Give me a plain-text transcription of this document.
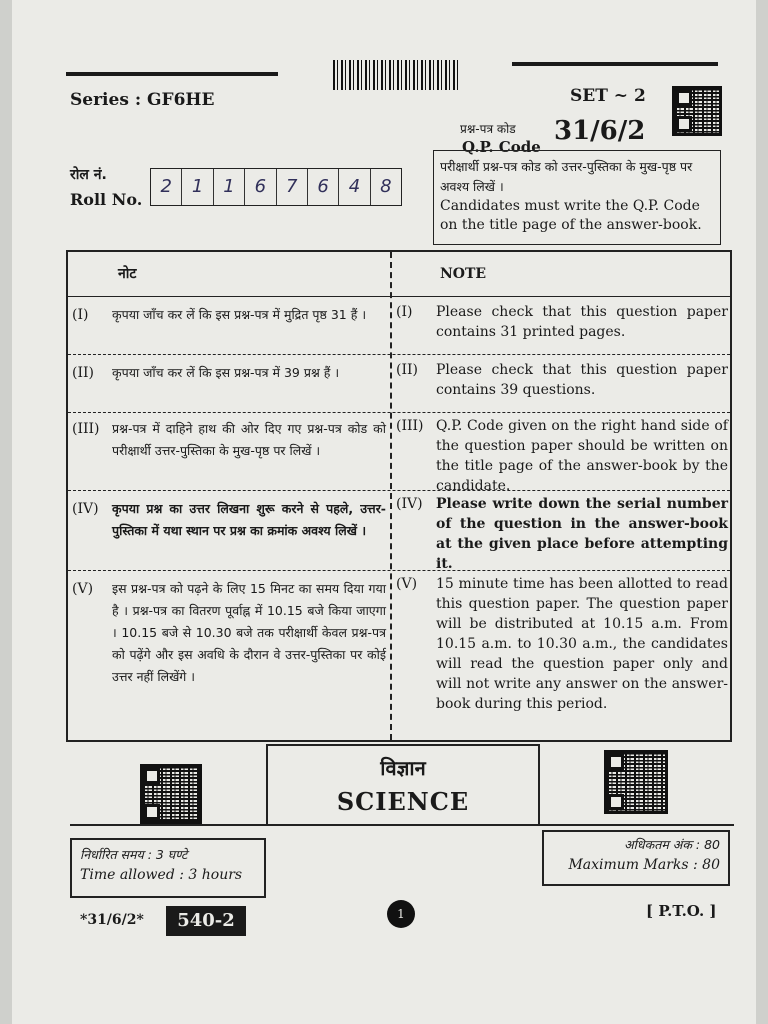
Series : GF6HE	SET ~ 2
प्रश्न-पत्र कोड
Q.P. Code
31/6/2
रोल नं.
Roll No.
2	1	1	6	7	6	4	8
परीक्षार्थी प्रश्न-पत्र कोड को उत्तर-पुस्तिका के मुख-पृष्ठ पर अवश्य लिखें ।
Candidates must write the Q.P. Code on the title page of the answer-book.
नोट	NOTE
(I) कृपया जाँच कर लें कि इस प्रश्न-पत्र में मुद्रित पृष्ठ 31 हैं ।	(I) Please check that this question paper contains 31 printed pages.
(II) कृपया जाँच कर लें कि इस प्रश्न-पत्र में 39 प्रश्न हैं ।	(II) Please check that this question paper contains 39 questions.
(III) प्रश्न-पत्र में दाहिने हाथ की ओर दिए गए प्रश्न-पत्र कोड को परीक्षार्थी उत्तर-पुस्तिका के मुख-पृष्ठ पर लिखें ।
(III) Q.P. Code given on the right hand side of the question paper should be written on the title page of the answer-book by the candidate.
(IV) कृपया प्रश्न का उत्तर लिखना शुरू करने से पहले, उत्तर-पुस्तिका में यथा स्थान पर प्रश्न का क्रमांक अवश्य लिखें ।
(IV) Please write down the serial number of the question in the answer-book at the given place before attempting it.
(V) इस प्रश्न-पत्र को पढ़ने के लिए 15 मिनट का समय दिया गया है । प्रश्न-पत्र का वितरण पूर्वाह्न में 10.15 बजे किया जाएगा । 10.15 बजे से 10.30 बजे तक परीक्षार्थी केवल प्रश्न-पत्र को पढ़ेंगे और इस अवधि के दौरान वे उत्तर-पुस्तिका पर कोई उत्तर नहीं लिखेंगे ।
(V) 15 minute time has been allotted to read this question paper. The question paper will be distributed at 10.15 a.m. From 10.15 a.m. to 10.30 a.m., the candidates will read the question paper only and will not write any answer on the answer-book during this period.
विज्ञान
SCIENCE
निर्धारित समय : 3 घण्टे
Time allowed : 3 hours
अधिकतम अंक : 80
Maximum Marks : 80
*31/6/2*	540-2	1	[ P.T.O. ]
